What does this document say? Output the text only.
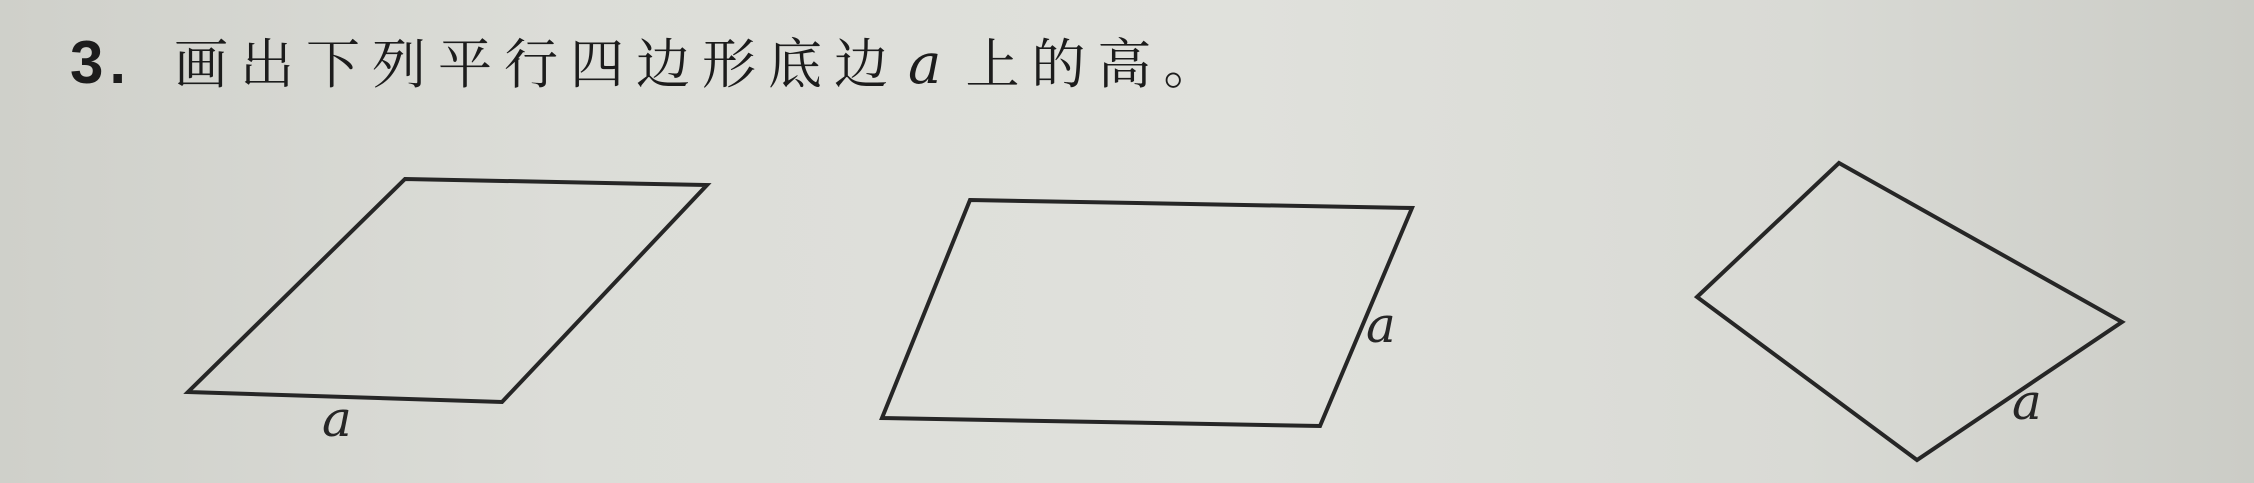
3 . 画出下列平行四边形底边 a 上的高。
a
a
a
